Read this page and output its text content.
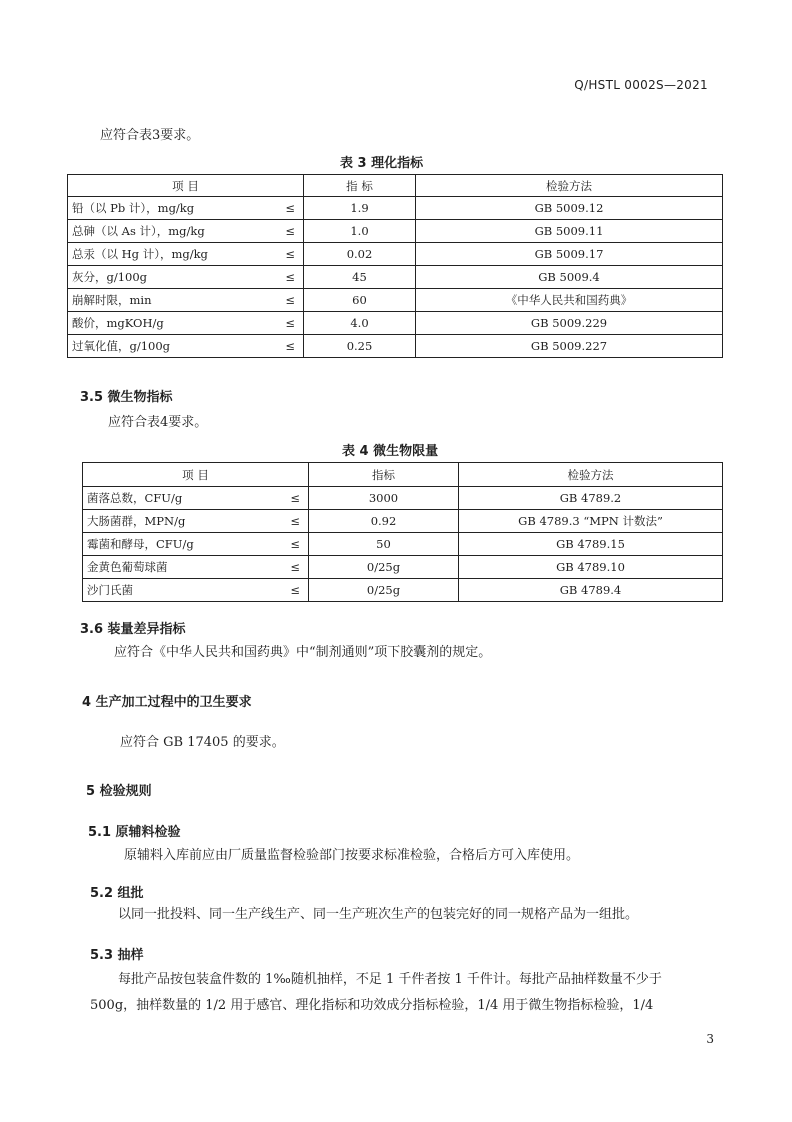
Q/HSTL 0002S—2021
应符合表3要求。
表 3 理化指标
项 目		指 标	检验方法
铅（以 Pb 计），mg/kg	≤	1.9	GB 5009.12
总砷（以 As 计），mg/kg	≤	1.0	GB 5009.11
总汞（以 Hg 计），mg/kg	≤	0.02	GB 5009.17
灰分，g/100g	≤	45	GB 5009.4
崩解时限，min	≤	60	《中华人民共和国药典》
酸价，mgKOH/g	≤	4.0	GB 5009.229
过氧化值，g/100g	≤	0.25	GB 5009.227
3.5 微生物指标
应符合表4要求。
表 4 微生物限量
项 目		指标	检验方法
菌落总数，CFU/g	≤	3000	GB 4789.2
大肠菌群，MPN/g	≤	0.92	GB 4789.3 “MPN 计数法”
霉菌和酵母，CFU/g	≤	50	GB 4789.15
金黄色葡萄球菌	≤	0/25g	GB 4789.10
沙门氏菌	≤	0/25g	GB 4789.4
3.6 装量差异指标
应符合《中华人民共和国药典》中“制剂通则”项下胶囊剂的规定。
4 生产加工过程中的卫生要求
应符合 GB 17405 的要求。
5 检验规则
5.1 原辅料检验
原辅料入库前应由厂质量监督检验部门按要求标准检验，合格后方可入库使用。
5.2 组批
以同一批投料、同一生产线生产、同一生产班次生产的包装完好的同一规格产品为一组批。
5.3 抽样
每批产品按包装盒件数的 1‰随机抽样，不足 1 千件者按 1 千件计。每批产品抽样数量不少于
500g，抽样数量的 1/2 用于感官、理化指标和功效成分指标检验，1/4 用于微生物指标检验，1/4
3
